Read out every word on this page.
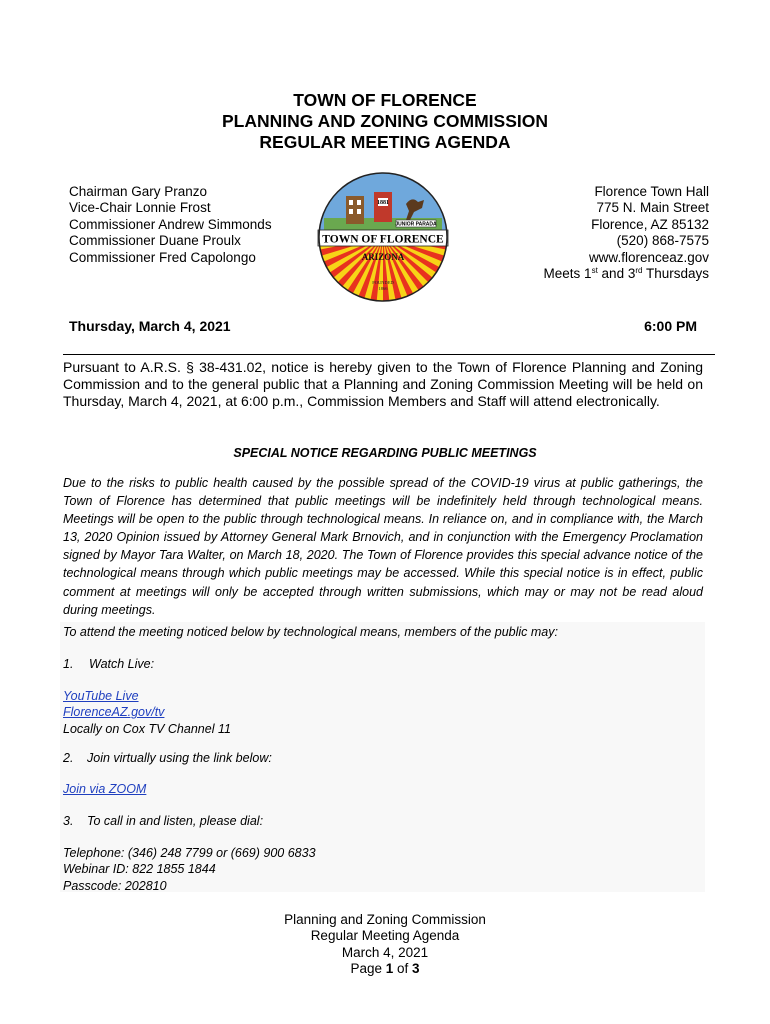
TOWN OF FLORENCE
PLANNING AND ZONING COMMISSION
REGULAR MEETING AGENDA
Chairman Gary Pranzo
Vice-Chair Lonnie Frost
Commissioner Andrew Simmonds
Commissioner Duane Proulx
Commissioner Fred Capolongo
1881
JUNIOR PARADA
TOWN OF FLORENCE
ARIZONA
FOUNDED
1866
Florence Town Hall
775 N. Main Street
Florence, AZ 85132
(520) 868-7575
www.florenceaz.gov
Meets 1st and 3rd Thursdays
Thursday, March 4, 2021	6:00 PM
Pursuant to A.R.S. § 38-431.02, notice is hereby given to the Town of Florence Planning and Zoning Commission and to the general public that a Planning and Zoning Commission Meeting will be held on Thursday, March 4, 2021, at 6:00 p.m., Commission Members and Staff will attend electronically.
SPECIAL NOTICE REGARDING PUBLIC MEETINGS
Due to the risks to public health caused by the possible spread of the COVID-19 virus at public gatherings, the Town of Florence has determined that public meetings will be indefinitely held through technological means. Meetings will be open to the public through technological means. In reliance on, and in compliance with, the March 13, 2020 Opinion issued by Attorney General Mark Brnovich, and in conjunction with the Emergency Proclamation signed by Mayor Tara Walter, on March 18, 2020. The Town of Florence provides this special advance notice of the technological means through which public meetings may be accessed. While this special notice is in effect, public comment at meetings will only be accepted through written submissions, which may or may not be read aloud during meetings.
To attend the meeting noticed below by technological means, members of the public may:
1. Watch Live:
YouTube Live
FlorenceAZ.gov/tv
Locally on Cox TV Channel 11
2. Join virtually using the link below:
Join via ZOOM
3. To call in and listen, please dial:
Telephone: (346) 248 7799 or (669) 900 6833
Webinar ID: 822 1855 1844
Passcode: 202810
Planning and Zoning Commission
Regular Meeting Agenda
March 4, 2021
Page 1 of 3
